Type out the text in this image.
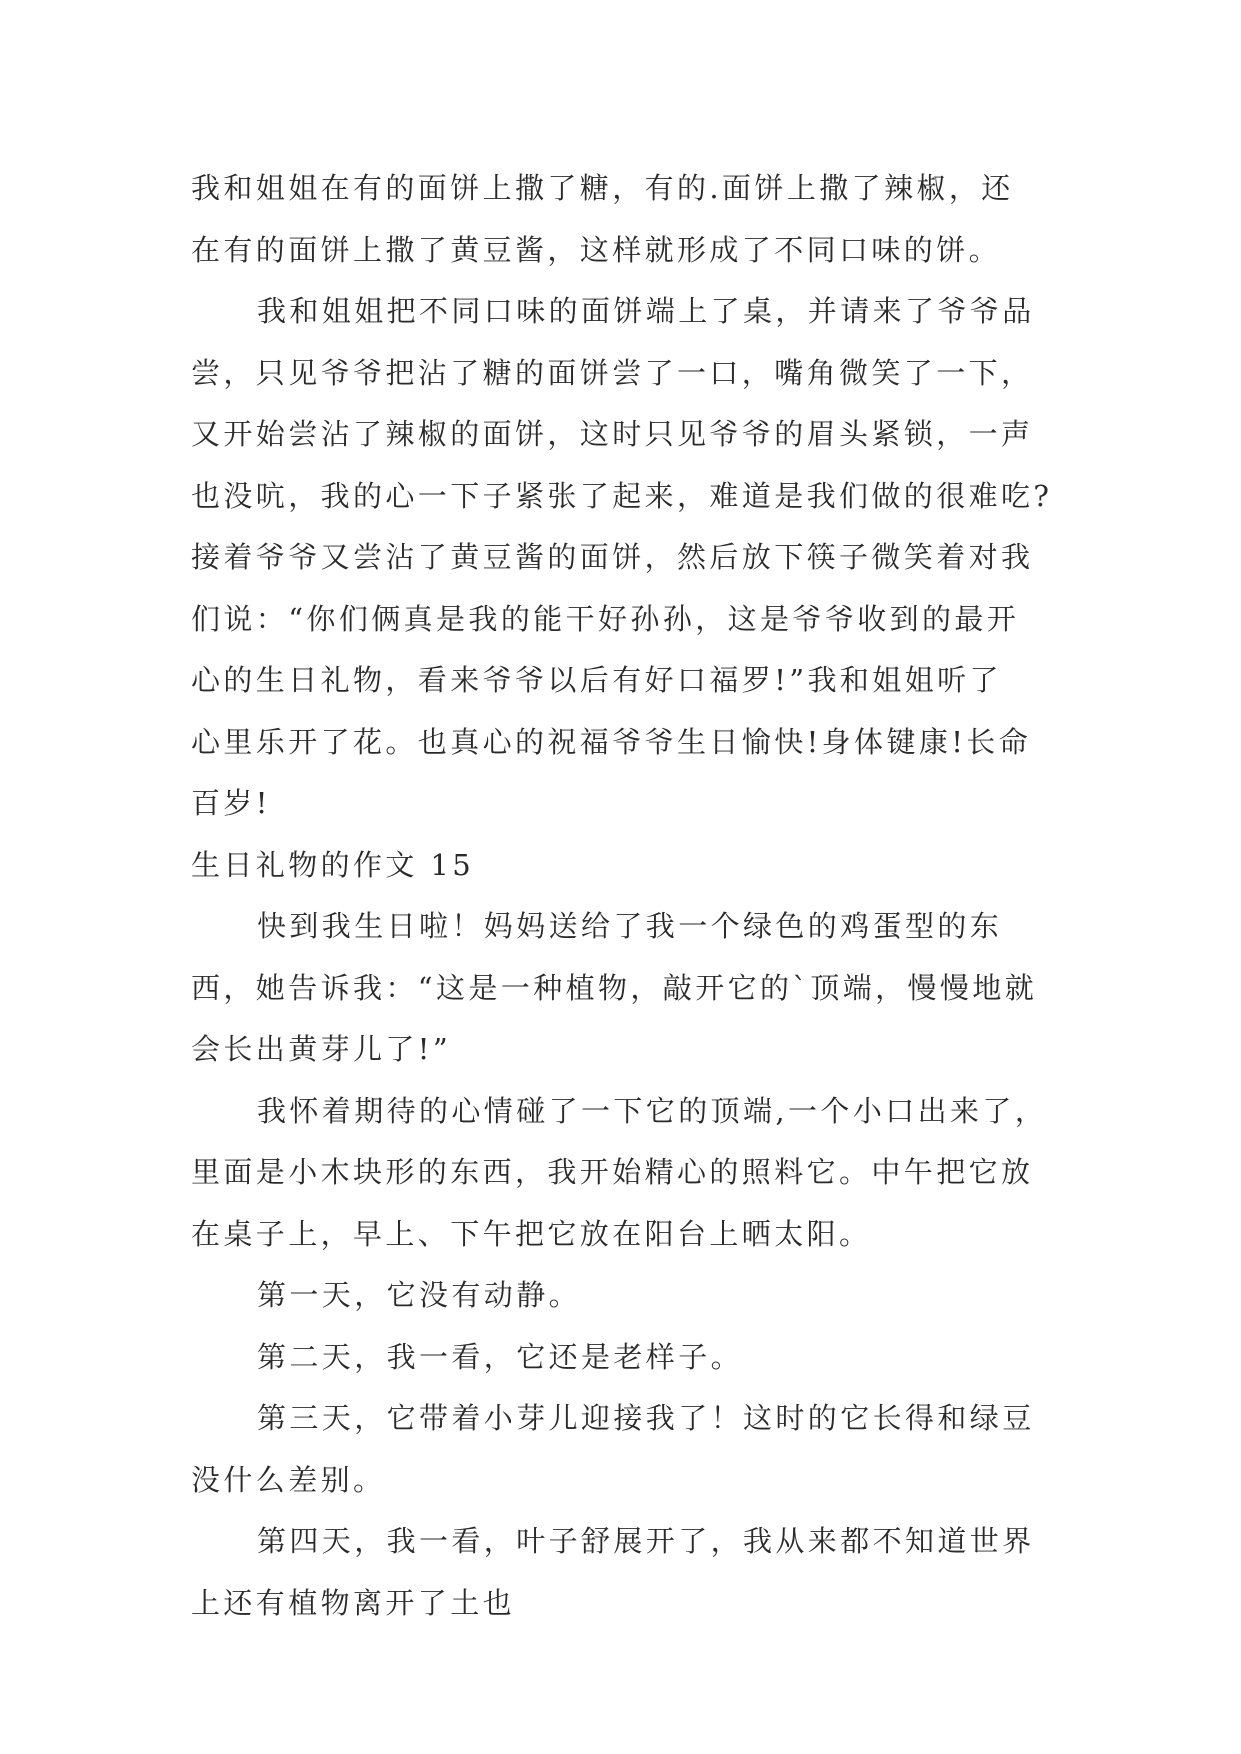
我和姐姐在有的面饼上撒了糖，有的.面饼上撒了辣椒，还
在有的面饼上撒了黄豆酱，这样就形成了不同口味的饼。

我和姐姐把不同口味的面饼端上了桌，并请来了爷爷品
尝，只见爷爷把沾了糖的面饼尝了一口，嘴角微笑了一下，
又开始尝沾了辣椒的面饼，这时只见爷爷的眉头紧锁，一声
也没吭，我的心一下子紧张了起来，难道是我们做的很难吃?
接着爷爷又尝沾了黄豆酱的面饼，然后放下筷子微笑着对我
们说：“你们俩真是我的能干好孙孙，这是爷爷收到的最开
心的生日礼物，看来爷爷以后有好口福罗!”我和姐姐听了
心里乐开了花。也真心的祝福爷爷生日愉快!身体键康!长命
百岁!

生日礼物的作文 15

快到我生日啦！妈妈送给了我一个绿色的鸡蛋型的东
西，她告诉我：“这是一种植物，敲开它的`顶端，慢慢地就
会长出黄芽儿了!”

我怀着期待的心情碰了一下它的顶端,一个小口出来了，
里面是小木块形的东西，我开始精心的照料它。中午把它放
在桌子上，早上、下午把它放在阳台上晒太阳。

第一天，它没有动静。

第二天，我一看，它还是老样子。

第三天，它带着小芽儿迎接我了！这时的它长得和绿豆
没什么差别。

第四天，我一看，叶子舒展开了，我从来都不知道世界
上还有植物离开了土也
